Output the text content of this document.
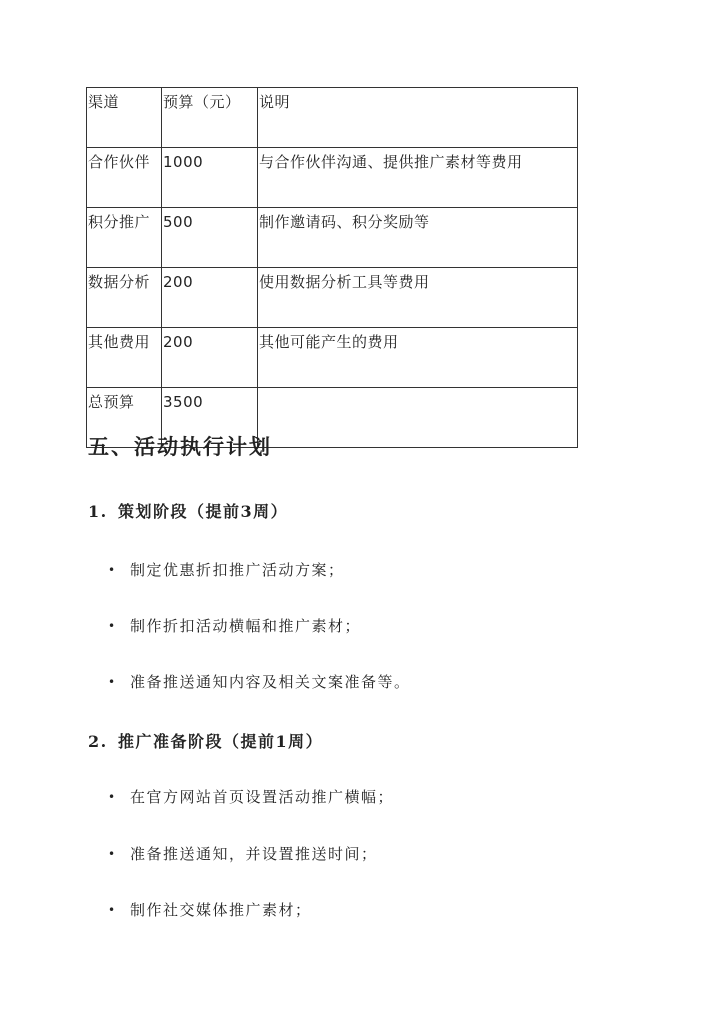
渠道	预算（元）	说明
合作伙伴	1000	与合作伙伴沟通、提供推广素材等费用
积分推广	500	制作邀请码、积分奖励等
数据分析	200	使用数据分析工具等费用
其他费用	200	其他可能产生的费用
总预算	3500	
五、活动执行计划
1. 策划阶段（提前3周）
• 制定优惠折扣推广活动方案；
• 制作折扣活动横幅和推广素材；
• 准备推送通知内容及相关文案准备等。
2. 推广准备阶段（提前1周）
• 在官方网站首页设置活动推广横幅；
• 准备推送通知，并设置推送时间；
• 制作社交媒体推广素材；
